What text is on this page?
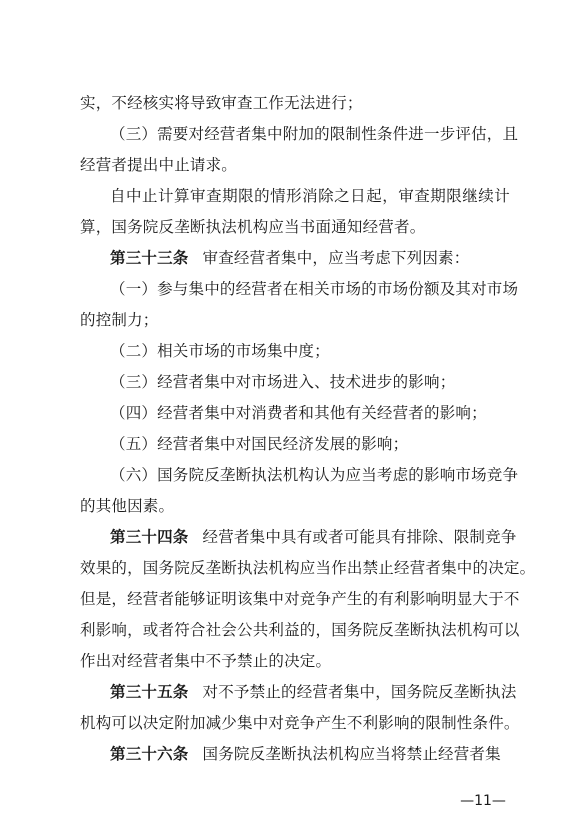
实，不经核实将导致审查工作无法进行；
（三）需要对经营者集中附加的限制性条件进一步评估，且
经营者提出中止请求。
自中止计算审查期限的情形消除之日起，审查期限继续计
算，国务院反垄断执法机构应当书面通知经营者。
第三十三条 审查经营者集中，应当考虑下列因素：
（一）参与集中的经营者在相关市场的市场份额及其对市场
的控制力；
（二）相关市场的市场集中度；
（三）经营者集中对市场进入、技术进步的影响；
（四）经营者集中对消费者和其他有关经营者的影响；
（五）经营者集中对国民经济发展的影响；
（六）国务院反垄断执法机构认为应当考虑的影响市场竞争
的其他因素。
第三十四条 经营者集中具有或者可能具有排除、限制竞争
效果的，国务院反垄断执法机构应当作出禁止经营者集中的决定。
但是，经营者能够证明该集中对竞争产生的有利影响明显大于不
利影响，或者符合社会公共利益的，国务院反垄断执法机构可以
作出对经营者集中不予禁止的决定。
第三十五条 对不予禁止的经营者集中，国务院反垄断执法
机构可以决定附加减少集中对竞争产生不利影响的限制性条件。
第三十六条 国务院反垄断执法机构应当将禁止经营者集
—11—
